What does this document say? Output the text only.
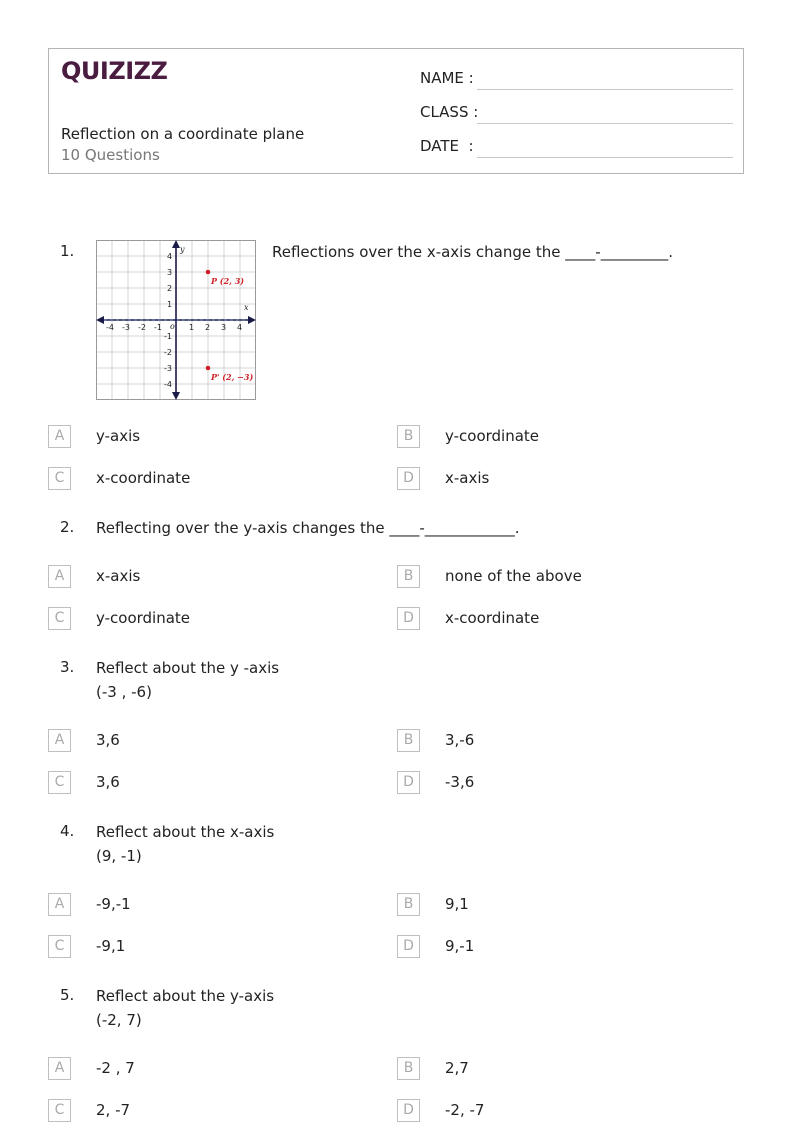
QUIZIZZ
Reflection on a coordinate plane
10 Questions
NAME :
CLASS :
DATE  :
1.
-4 -3 -2 -1	1 2 3 4
4
3
2
1
-1
-2
-3
-4
o
x
y
P (2, 3)
P' (2, −3)
Reflections over the x-axis change the ____-_________.
A	y-axis	B	y-coordinate
C	x-coordinate	D	x-axis
2. Reflecting over the y-axis changes the ____-____________.
A	x-axis	B	none of the above
C	y-coordinate	D	x-coordinate
3. Reflect about the y -axis
(-3 , -6)
A	3,6	B	3,-6
C	3,6	D	-3,6
4. Reflect about the x-axis
(9, -1)
A	-9,-1	B	9,1
C	-9,1	D	9,-1
5. Reflect about the y-axis
(-2, 7)
A	-2 , 7	B	2,7
C	2, -7	D	-2, -7
